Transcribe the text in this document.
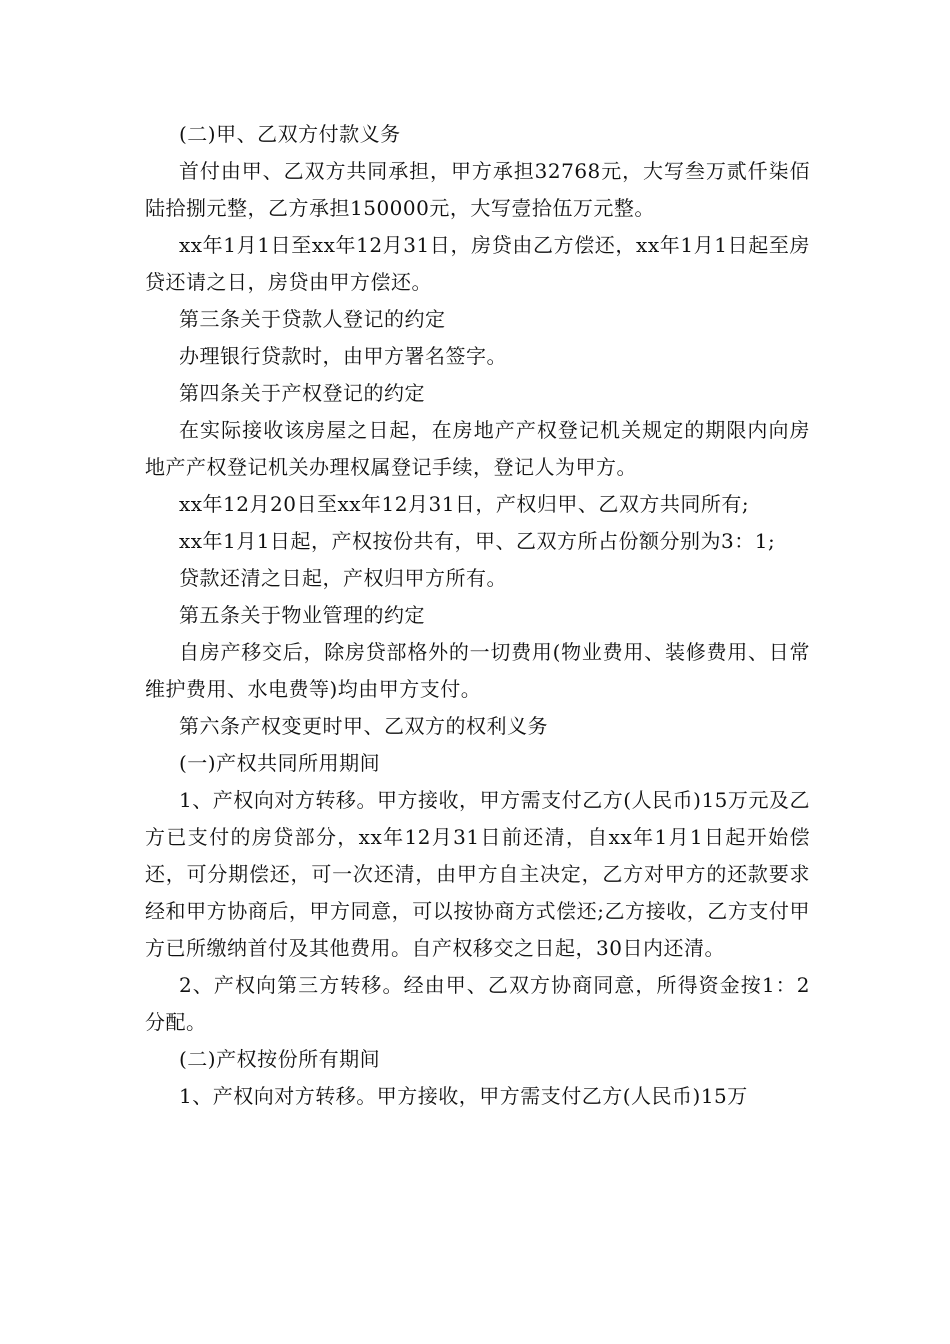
(二)甲、乙双方付款义务

首付由甲、乙双方共同承担，甲方承担32768元，大写叁万贰仟柒佰陆拾捌元整，乙方承担150000元，大写壹拾伍万元整。

xx年1月1日至xx年12月31日，房贷由乙方偿还，xx年1月1日起至房贷还请之日，房贷由甲方偿还。

第三条关于贷款人登记的约定

办理银行贷款时，由甲方署名签字。

第四条关于产权登记的约定

在实际接收该房屋之日起，在房地产产权登记机关规定的期限内向房地产产权登记机关办理权属登记手续，登记人为甲方。

xx年12月20日至xx年12月31日，产权归甲、乙双方共同所有;

xx年1月1日起，产权按份共有，甲、乙双方所占份额分别为3：1;

贷款还清之日起，产权归甲方所有。

第五条关于物业管理的约定

自房产移交后，除房贷部格外的一切费用(物业费用、装修费用、日常维护费用、水电费等)均由甲方支付。

第六条产权变更时甲、乙双方的权利义务

(一)产权共同所用期间

1、产权向对方转移。甲方接收，甲方需支付乙方(人民币)15万元及乙方已支付的房贷部分，xx年12月31日前还清，自xx年1月1日起开始偿还，可分期偿还，可一次还清，由甲方自主决定，乙方对甲方的还款要求经和甲方协商后，甲方同意，可以按协商方式偿还;乙方接收，乙方支付甲方已所缴纳首付及其他费用。自产权移交之日起，30日内还清。

2、产权向第三方转移。经由甲、乙双方协商同意，所得资金按1：2分配。

(二)产权按份所有期间

1、产权向对方转移。甲方接收，甲方需支付乙方(人民币)15万
